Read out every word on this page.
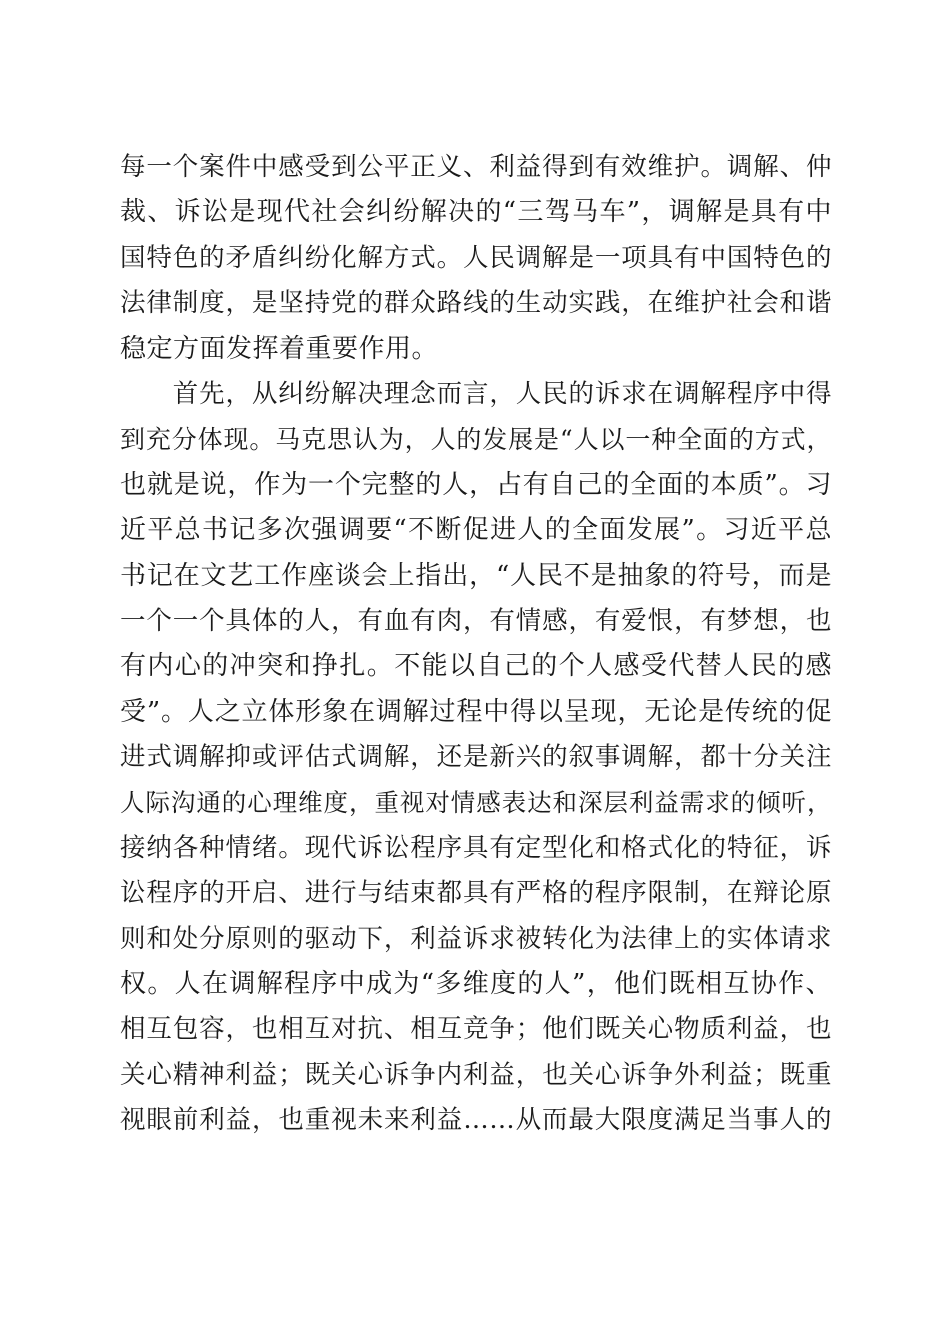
每一个案件中感受到公平正义、利益得到有效维护。调解、仲
裁、诉讼是现代社会纠纷解决的“三驾马车”，调解是具有中
国特色的矛盾纠纷化解方式。人民调解是一项具有中国特色的
法律制度，是坚持党的群众路线的生动实践，在维护社会和谐
稳定方面发挥着重要作用。
　　首先，从纠纷解决理念而言，人民的诉求在调解程序中得
到充分体现。马克思认为，人的发展是“人以一种全面的方式，
也就是说，作为一个完整的人，占有自己的全面的本质”。习
近平总书记多次强调要“不断促进人的全面发展”。习近平总
书记在文艺工作座谈会上指出，“人民不是抽象的符号，而是
一个一个具体的人，有血有肉，有情感，有爱恨，有梦想，也
有内心的冲突和挣扎。不能以自己的个人感受代替人民的感
受”。人之立体形象在调解过程中得以呈现，无论是传统的促
进式调解抑或评估式调解，还是新兴的叙事调解，都十分关注
人际沟通的心理维度，重视对情感表达和深层利益需求的倾听，
接纳各种情绪。现代诉讼程序具有定型化和格式化的特征，诉
讼程序的开启、进行与结束都具有严格的程序限制，在辩论原
则和处分原则的驱动下，利益诉求被转化为法律上的实体请求
权。人在调解程序中成为“多维度的人”，他们既相互协作、
相互包容，也相互对抗、相互竞争；他们既关心物质利益，也
关心精神利益；既关心诉争内利益，也关心诉争外利益；既重
视眼前利益，也重视未来利益……从而最大限度满足当事人的
